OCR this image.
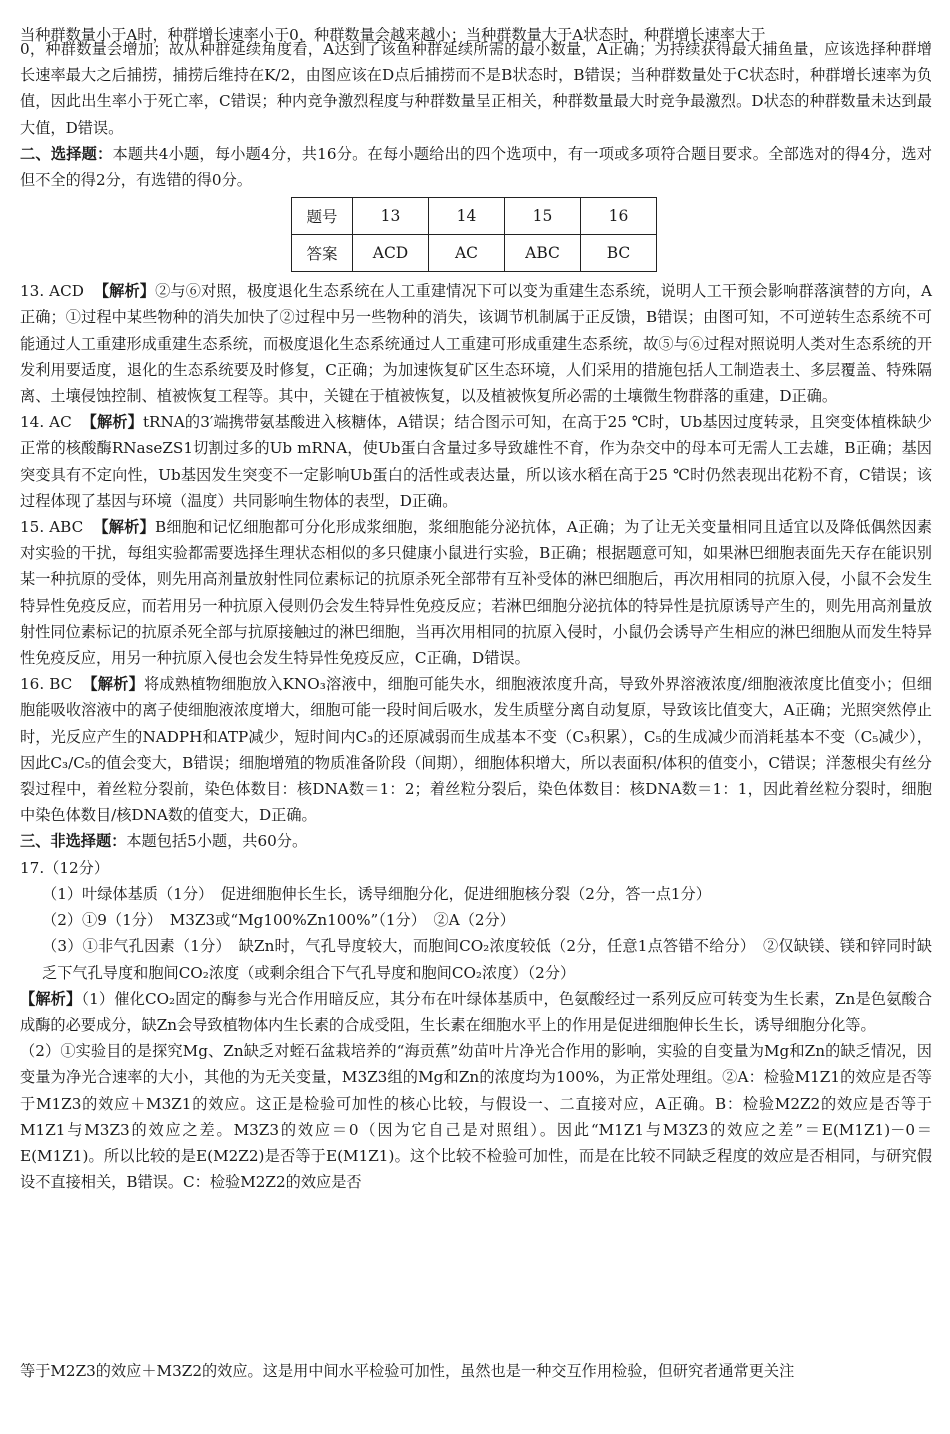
当种群数量小于A时，种群增长速率小于0，种群数量会越来越小；当种群数量大于A状态时，种群增长速率大于

0，种群数量会增加；故从种群延续角度看，A达到了该鱼种群延续所需的最小数量，A正确；为持续获得最大捕鱼量，应该选择种群增长速率最大之后捕捞，捕捞后维持在K/2，由图应该在D点后捕捞而不是B状态时，B错误；当种群数量处于C状态时，种群增长速率为负值，因此出生率小于死亡率，C错误；种内竞争激烈程度与种群数量呈正相关，种群数量最大时竞争最激烈。D状态的种群数量未达到最大值，D错误。

二、选择题：本题共4小题，每小题4分，共16分。在每小题给出的四个选项中，有一项或多项符合题目要求。全部选对的得4分，选对但不全的得2分，有选错的得0分。

题号	13	14	15	16
答案	ACD	AC	ABC	BC

13. ACD 【解析】②与⑥对照，极度退化生态系统在人工重建情况下可以变为重建生态系统，说明人工干预会影响群落演替的方向，A正确；①过程中某些物种的消失加快了②过程中另一些物种的消失，该调节机制属于正反馈，B错误；由图可知，不可逆转生态系统不可能通过人工重建形成重建生态系统，而极度退化生态系统通过人工重建可形成重建生态系统，故⑤与⑥过程对照说明人类对生态系统的开发利用要适度，退化的生态系统要及时修复，C正确；为加速恢复矿区生态环境，人们采用的措施包括人工制造表土、多层覆盖、特殊隔离、土壤侵蚀控制、植被恢复工程等。其中，关键在于植被恢复，以及植被恢复所必需的土壤微生物群落的重建，D正确。

14. AC 【解析】tRNA的3′端携带氨基酸进入核糖体，A错误；结合图示可知，在高于25 ℃时，Ub基因过度转录，且突变体植株缺少正常的核酸酶RNaseZS1切割过多的Ub mRNA，使Ub蛋白含量过多导致雄性不育，作为杂交中的母本可无需人工去雄，B正确；基因突变具有不定向性，Ub基因发生突变不一定影响Ub蛋白的活性或表达量，所以该水稻在高于25 ℃时仍然表现出花粉不育，C错误；该过程体现了基因与环境（温度）共同影响生物体的表型，D正确。

15. ABC 【解析】B细胞和记忆细胞都可分化形成浆细胞，浆细胞能分泌抗体，A正确；为了让无关变量相同且适宜以及降低偶然因素对实验的干扰，每组实验都需要选择生理状态相似的多只健康小鼠进行实验，B正确；根据题意可知，如果淋巴细胞表面先天存在能识别某一种抗原的受体，则先用高剂量放射性同位素标记的抗原杀死全部带有互补受体的淋巴细胞后，再次用相同的抗原入侵，小鼠不会发生特异性免疫反应，而若用另一种抗原入侵则仍会发生特异性免疫反应；若淋巴细胞分泌抗体的特异性是抗原诱导产生的，则先用高剂量放射性同位素标记的抗原杀死全部与抗原接触过的淋巴细胞，当再次用相同的抗原入侵时，小鼠仍会诱导产生相应的淋巴细胞从而发生特异性免疫反应，用另一种抗原入侵也会发生特异性免疫反应，C正确，D错误。

16. BC 【解析】将成熟植物细胞放入KNO₃溶液中，细胞可能失水，细胞液浓度升高，导致外界溶液浓度/细胞液浓度比值变小；但细胞能吸收溶液中的离子使细胞液浓度增大，细胞可能一段时间后吸水，发生质壁分离自动复原，导致该比值变大，A正确；光照突然停止时，光反应产生的NADPH和ATP减少，短时间内C₃的还原减弱而生成基本不变（C₃积累），C₅的生成减少而消耗基本不变（C₅减少），因此C₃/C₅的值会变大，B错误；细胞增殖的物质准备阶段（间期），细胞体积增大，所以表面积/体积的值变小，C错误；洋葱根尖有丝分裂过程中，着丝粒分裂前，染色体数目：核DNA数＝1：2；着丝粒分裂后，染色体数目：核DNA数＝1：1，因此着丝粒分裂时，细胞中染色体数目/核DNA数的值变大，D正确。

三、非选择题：本题包括5小题，共60分。

17.（12分）

（1）叶绿体基质（1分）　促进细胞伸长生长，诱导细胞分化，促进细胞核分裂（2分，答一点1分）

（2）①9（1分）　M3Z3或“Mg100%Zn100%”（1分）　②A（2分）

（3）①非气孔因素（1分）　缺Zn时，气孔导度较大，而胞间CO₂浓度较低（2分，任意1点答错不给分）　②仅缺镁、镁和锌同时缺乏下气孔导度和胞间CO₂浓度（或剩余组合下气孔导度和胞间CO₂浓度）（2分）

【解析】（1）催化CO₂固定的酶参与光合作用暗反应，其分布在叶绿体基质中，色氨酸经过一系列反应可转变为生长素，Zn是色氨酸合成酶的必要成分，缺Zn会导致植物体内生长素的合成受阻，生长素在细胞水平上的作用是促进细胞伸长生长，诱导细胞分化等。

（2）①实验目的是探究Mg、Zn缺乏对蛭石盆栽培养的“海贡蕉”幼苗叶片净光合作用的影响，实验的自变量为Mg和Zn的缺乏情况，因变量为净光合速率的大小，其他的为无关变量，M3Z3组的Mg和Zn的浓度均为100%，为正常处理组。②A：检验M1Z1的效应是否等于M1Z3的效应＋M3Z1的效应。这正是检验可加性的核心比较，与假设一、二直接对应，A正确。B：检验M2Z2的效应是否等于M1Z1与M3Z3的效应之差。M3Z3的效应＝0（因为它自己是对照组）。因此“M1Z1与M3Z3的效应之差”＝E(M1Z1)－0＝E(M1Z1)。所以比较的是E(M2Z2)是否等于E(M1Z1)。这个比较不检验可加性，而是在比较不同缺乏程度的效应是否相同，与研究假设不直接相关，B错误。C：检验M2Z2的效应是否

等于M2Z3的效应＋M3Z2的效应。这是用中间水平检验可加性，虽然也是一种交互作用检验，但研究者通常更关注
